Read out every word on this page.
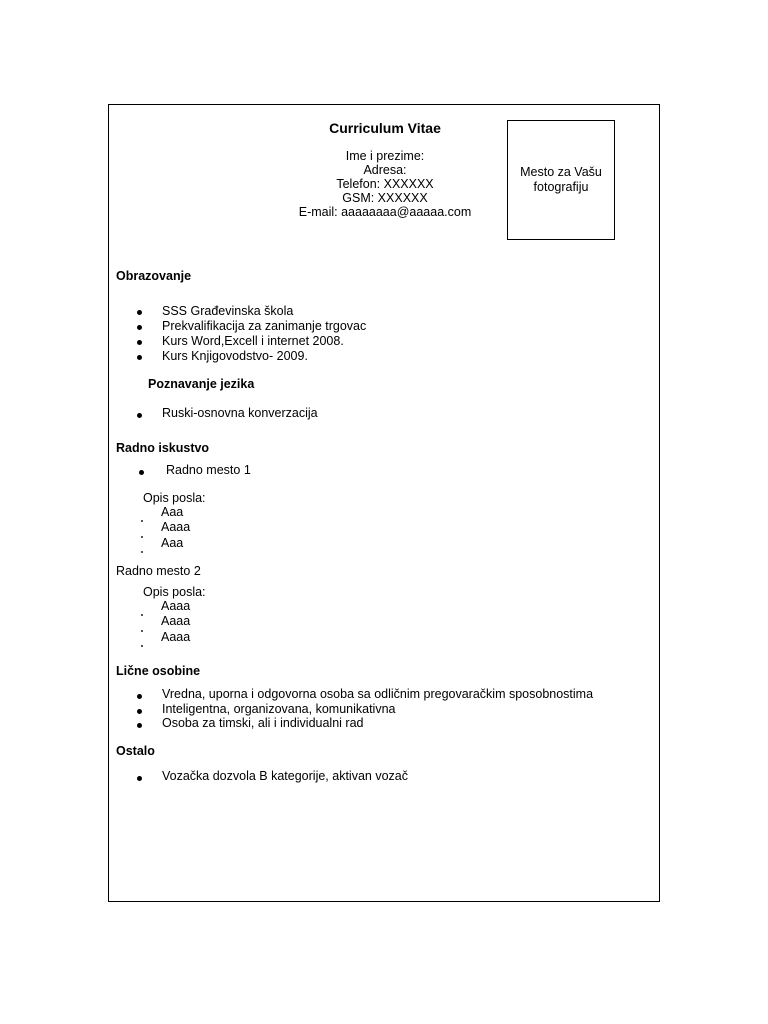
Curriculum Vitae
Ime i prezime:
Adresa:
Telefon: XXXXXX
GSM: XXXXXX
E-mail: aaaaaaaa@aaaaa.com
Mesto za Vašu fotografiju
Obrazovanje
SSS Građevinska škola
Prekvalifikacija za zanimanje trgovac
Kurs Word,Excell i internet 2008.
Kurs Knjigovodstvo- 2009.
Poznavanje jezika
Ruski-osnovna konverzacija
Radno iskustvo
Radno mesto 1
Opis posla:
Aaa
Aaaa
Aaa
Radno mesto 2
Opis posla:
Aaaa
Aaaa
Aaaa
Lične osobine
Vredna, uporna i odgovorna osoba sa odličnim pregovaračkim sposobnostima
Inteligentna, organizovana, komunikativna
Osoba za timski, ali i individualni rad
Ostalo
Vozačka dozvola B kategorije, aktivan vozač
